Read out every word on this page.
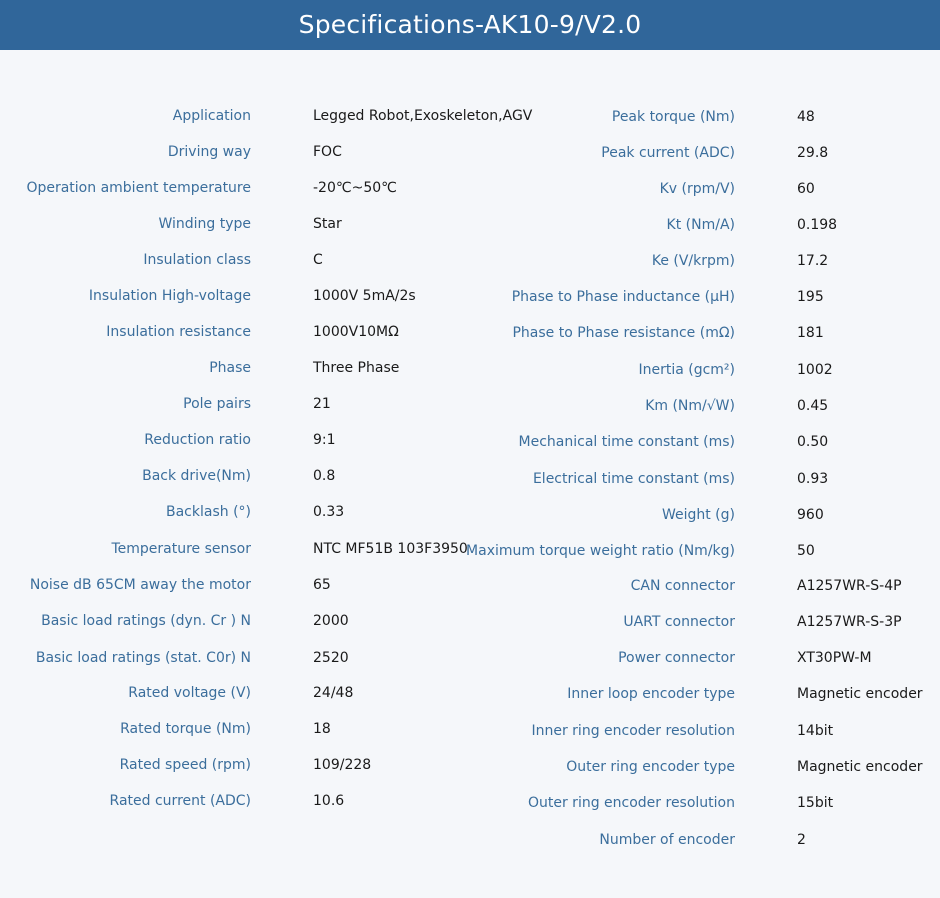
Specifications-AK10-9/V2.0
Application	Legged Robot,Exoskeleton,AGV
Driving way	FOC
Operation ambient temperature	-20℃~50℃
Winding type	Star
Insulation class	C
Insulation High-voltage	1000V 5mA/2s
Insulation resistance	1000V10MΩ
Phase	Three Phase
Pole pairs	21
Reduction ratio	9:1
Back drive(Nm)	0.8
Backlash (°)	0.33
Temperature sensor	NTC MF51B 103F3950
Noise dB 65CM away the motor	65
Basic load ratings (dyn. Cr ) N	2000
Basic load ratings (stat. C0r) N	2520
Rated voltage (V)	24/48
Rated torque (Nm)	18
Rated speed (rpm)	109/228
Rated current (ADC)	10.6
Peak torque (Nm)	48
Peak current (ADC)	29.8
Kv (rpm/V)	60
Kt (Nm/A)	0.198
Ke (V/krpm)	17.2
Phase to Phase inductance (μH)	195
Phase to Phase resistance (mΩ)	181
Inertia (gcm²)	1002
Km (Nm/√W)	0.45
Mechanical time constant (ms)	0.50
Electrical time constant (ms)	0.93
Weight (g)	960
Maximum torque weight ratio (Nm/kg)	50
CAN connector	A1257WR-S-4P
UART connector	A1257WR-S-3P
Power connector	XT30PW-M
Inner loop encoder type	Magnetic encoder
Inner ring encoder resolution	14bit
Outer ring encoder type	Magnetic encoder
Outer ring encoder resolution	15bit
Number of encoder	2
